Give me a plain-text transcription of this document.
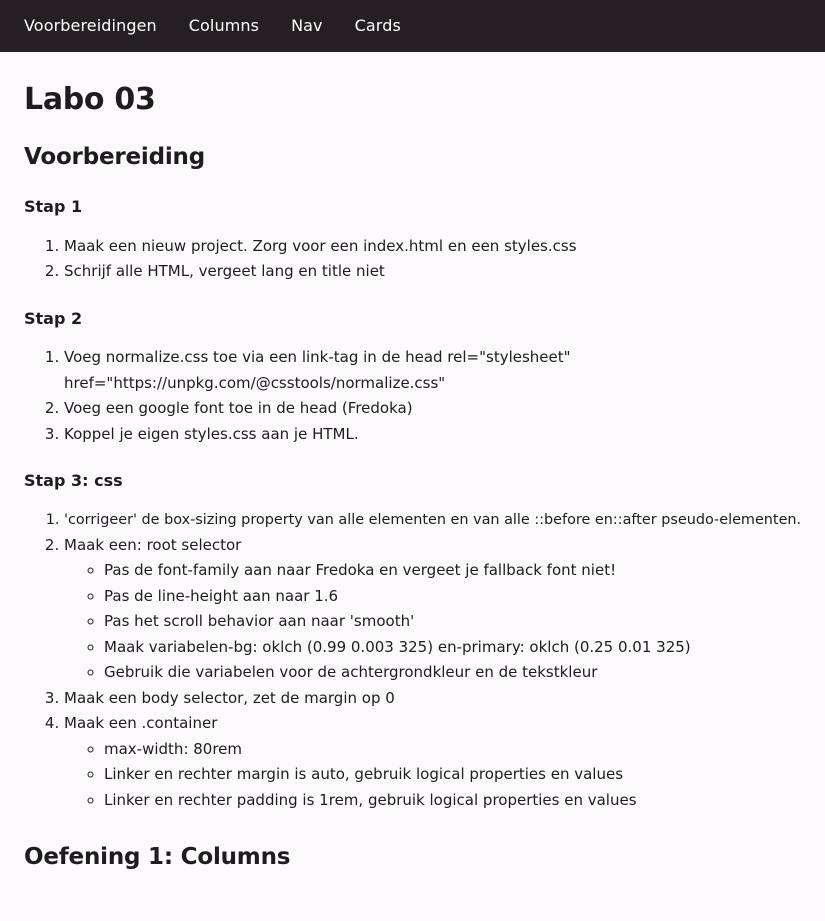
Voorbereidingen Columns Nav Cards
Labo 03
Voorbereiding
Stap 1
1. Maak een nieuw project. Zorg voor een index.html en een styles.css
2. Schrijf alle HTML, vergeet lang en title niet
Stap 2
1. Voeg normalize.css toe via een link-tag in de head rel="stylesheet" href="https://unpkg.com/@csstools/normalize.css"
2. Voeg een google font toe in de head (Fredoka)
3. Koppel je eigen styles.css aan je HTML.
Stap 3: css
1. 'corrigeer' de box-sizing property van alle elementen en van alle ::before en::after pseudo-elementen.
2. Maak een: root selector
◦ Pas de font-family aan naar Fredoka en vergeet je fallback font niet!
◦ Pas de line-height aan naar 1.6
◦ Pas het scroll behavior aan naar 'smooth'
◦ Maak variabelen-bg: oklch (0.99 0.003 325) en-primary: oklch (0.25 0.01 325)
◦ Gebruik die variabelen voor de achtergrondkleur en de tekstkleur
3. Maak een body selector, zet de margin op 0
4. Maak een .container
◦ max-width: 80rem
◦ Linker en rechter margin is auto, gebruik logical properties en values
◦ Linker en rechter padding is 1rem, gebruik logical properties en values
Oefening 1: Columns
